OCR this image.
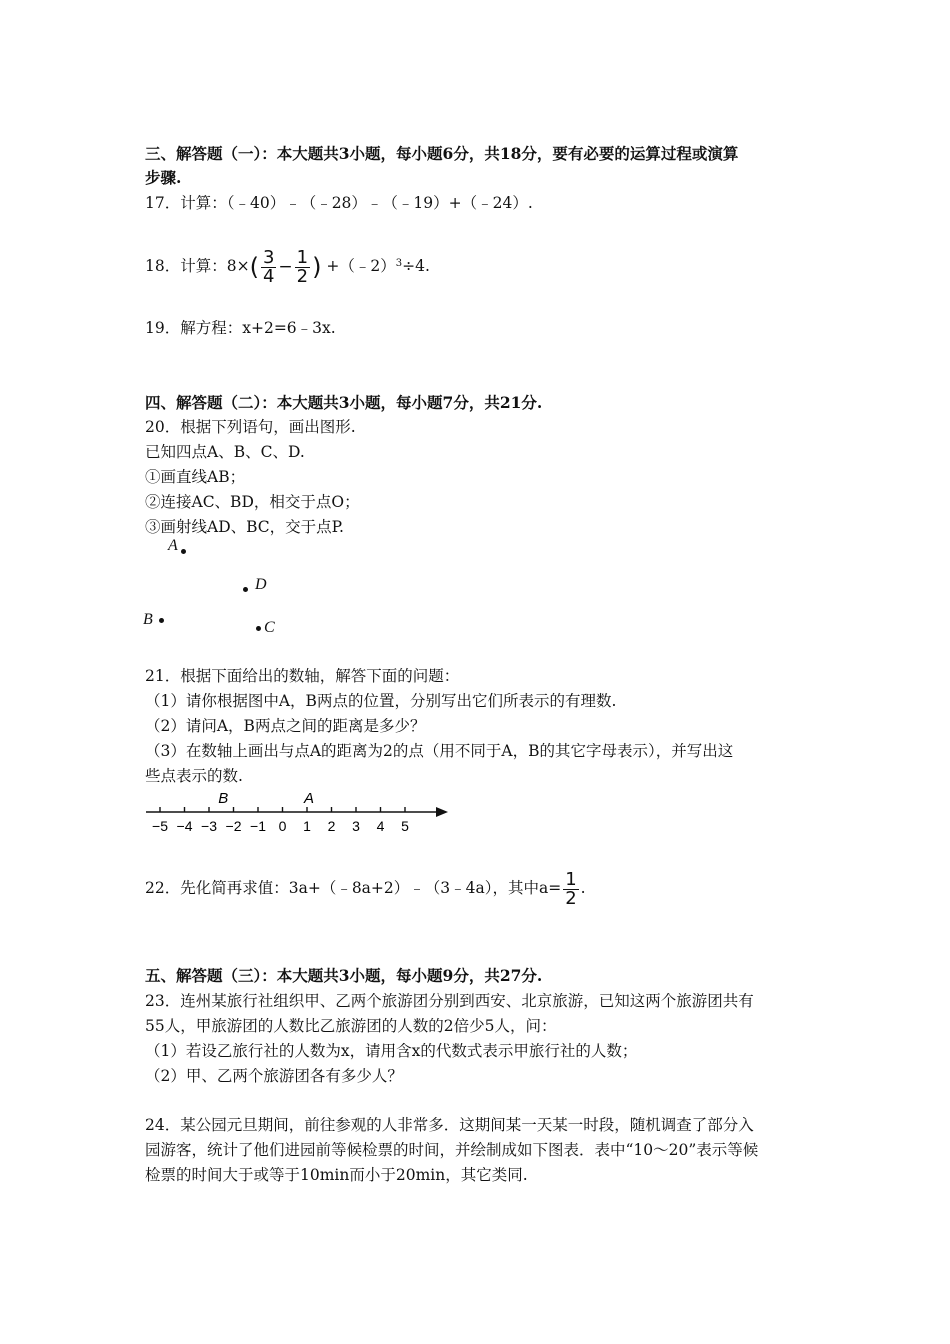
三、解答题（一）：本大题共3小题，每小题6分，共18分，要有必要的运算过程或演算
步骤.
17．计算：（﹣40）﹣（﹣28）﹣（﹣19）+（﹣24）.
18．计算：$8\times( \frac{3}{4} - \frac{1}{2}$ ) +（﹣2）$^3$÷4.
19．解方程：x+2=6﹣3x.
四、解答题（二）：本大题共3小题，每小题7分，共21分.
20．根据下列语句，画出图形.
已知四点A、B、C、D.
①画直线AB；
②连接AC、BD，相交于点O；
③画射线AD、BC，交于点P.
A
D
B	C
21．根据下面给出的数轴，解答下面的问题：
（1）请你根据图中A，B两点的位置，分别写出它们所表示的有理数.
（2）请问A，B两点之间的距离是多少？
（3）在数轴上画出与点A的距离为2的点（用不同于A，B的其它字母表示），并写出这
些点表示的数.
−5 −4 −3 −2 −1 0 1 2 3 4 5
B	A
22．先化简再求值：3a+（﹣8a+2）﹣（3﹣4a），其中$a= \frac{1}{2}$ .
五、解答题（三）：本大题共3小题，每小题9分，共27分.
23．连州某旅行社组织甲、乙两个旅游团分别到西安、北京旅游，已知这两个旅游团共有
55人，甲旅游团的人数比乙旅游团的人数的2倍少5人，问：
（1）若设乙旅行社的人数为x，请用含x的代数式表示甲旅行社的人数；
（2）甲、乙两个旅游团各有多少人？
24．某公园元旦期间，前往参观的人非常多．这期间某一天某一时段，随机调查了部分入
园游客，统计了他们进园前等候检票的时间，并绘制成如下图表．表中“10～20”表示等候
检票的时间大于或等于10min而小于20min，其它类同.
